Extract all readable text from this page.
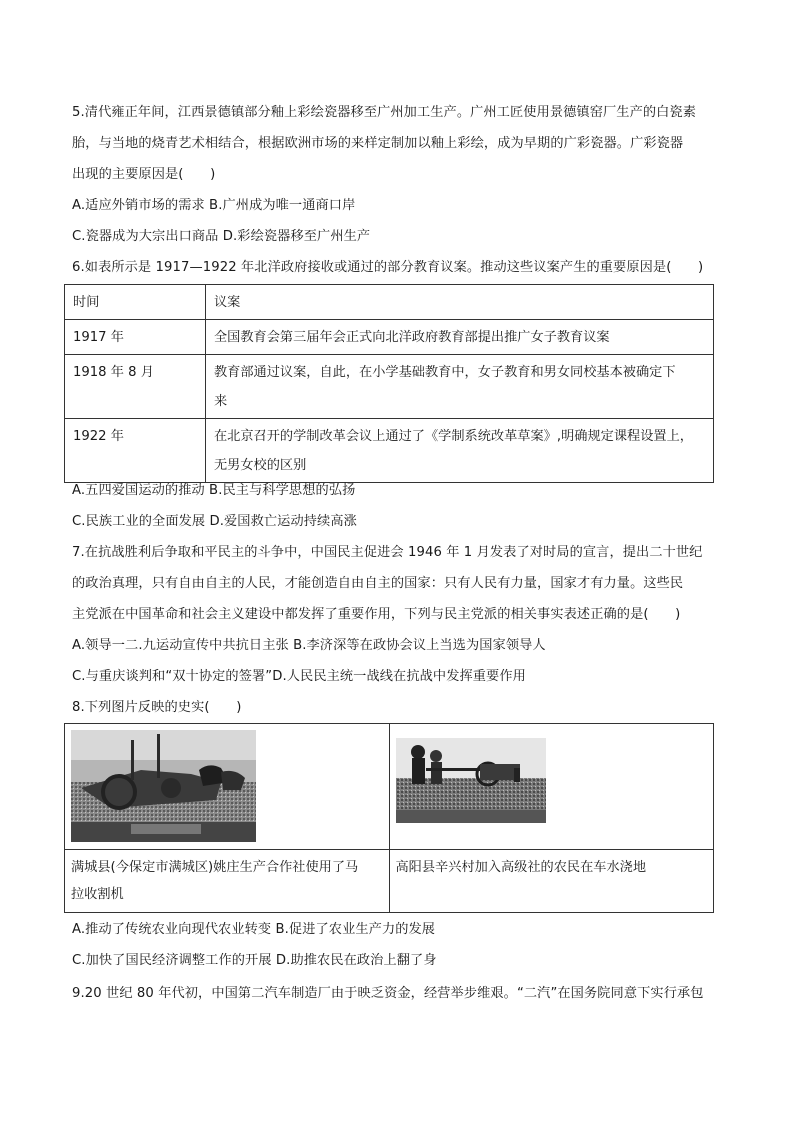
5.清代雍正年间，江西景德镇部分釉上彩绘瓷器移至广州加工生产。广州工匠使用景德镇窑厂生产的白瓷素
胎，与当地的烧青艺术相结合，根据欧洲市场的来样定制加以釉上彩绘，成为早期的广彩瓷器。广彩瓷器
出现的主要原因是(　　)
A.适应外销市场的需求 B.广州成为唯一通商口岸
C.瓷器成为大宗出口商品 D.彩绘瓷器移至广州生产
6.如表所示是 1917—1922 年北洋政府接收或通过的部分教育议案。推动这些议案产生的重要原因是(　　)
时间	议案
1917 年	全国教育会第三届年会正式向北洋政府教育部提出推广女子教育议案
1918 年 8 月	教育部通过议案，自此，在小学基础教育中，女子教育和男女同校基本被确定下
来

1922 年	在北京召开的学制改革会议上通过了《学制系统改革草案》,明确规定课程设置上，
无男女校的区别
A.五四爱国运动的推动 B.民主与科学思想的弘扬
C.民族工业的全面发展 D.爱国救亡运动持续高涨
7.在抗战胜利后争取和平民主的斗争中，中国民主促进会 1946 年 1 月发表了对时局的宣言，提出二十世纪
的政治真理，只有自由自主的人民，才能创造自由自主的国家：只有人民有力量，国家才有力量。这些民
主党派在中国革命和社会主义建设中都发挥了重要作用，下列与民主党派的相关事实表述正确的是(　　)
A.领导一二.九运动宣传中共抗日主张 B.李济深等在政协会议上当选为国家领导人
C.与重庆谈判和“双十协定的签署”D.人民民主统一战线在抗战中发挥重要作用
8.下列图片反映的史实(　　)

满城县(今保定市满城区)姚庄生产合作社使用了马
拉收割机	高阳县辛兴村加入高级社的农民在车水浇地
A.推动了传统农业向现代农业转变 B.促进了农业生产力的发展
C.加快了国民经济调整工作的开展 D.助推农民在政治上翻了身
9.20 世纪 80 年代初，中国第二汽车制造厂由于映乏资金，经营举步维艰。“二汽”在国务院同意下实行承包
